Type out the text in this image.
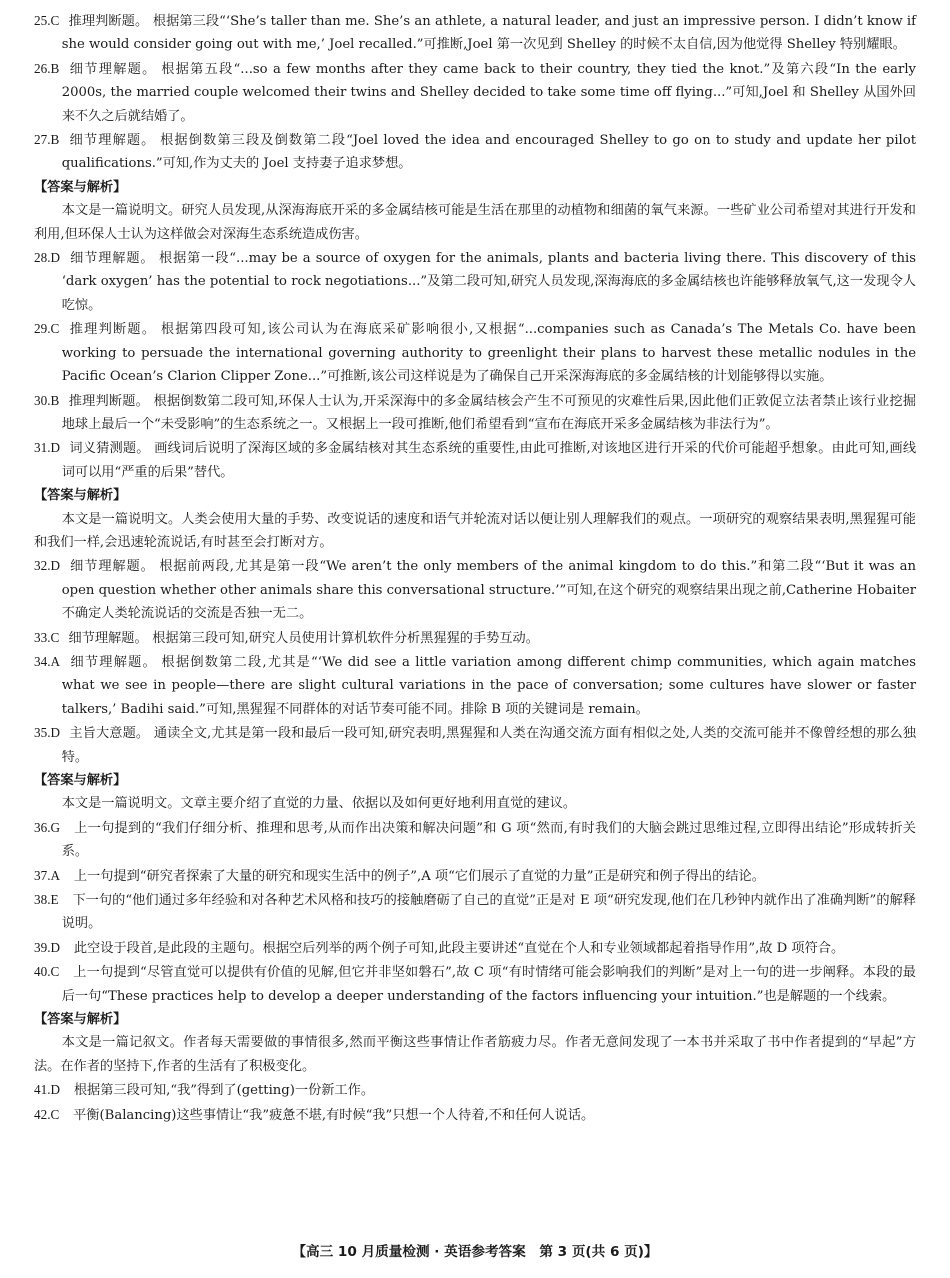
25.C 推理判断题。 根据第三段“‘She’s taller than me. She’s an athlete, a natural leader, and just an impressive person. I didn’t know if she would consider going out with me,’ Joel recalled.”可推断,Joel 第一次见到 Shelley 的时候不太自信,因为他觉得 Shelley 特别耀眼。

26.B 细节理解题。 根据第五段“...so a few months after they came back to their country, they tied the knot.”及第六段“In the early 2000s, the married couple welcomed their twins and Shelley decided to take some time off flying...”可知,Joel 和 Shelley 从国外回来不久之后就结婚了。

27.B 细节理解题。 根据倒数第三段及倒数第二段“Joel loved the idea and encouraged Shelley to go on to study and update her pilot qualifications.”可知,作为丈夫的 Joel 支持妻子追求梦想。

【答案与解析】

本文是一篇说明文。研究人员发现,从深海海底开采的多金属结核可能是生活在那里的动植物和细菌的氧气来源。一些矿业公司希望对其进行开发和利用,但环保人士认为这样做会对深海生态系统造成伤害。

28.D 细节理解题。 根据第一段“...may be a source of oxygen for the animals, plants and bacteria living there. This discovery of this ‘dark oxygen’ has the potential to rock negotiations...”及第二段可知,研究人员发现,深海海底的多金属结核也许能够释放氧气,这一发现令人吃惊。

29.C 推理判断题。 根据第四段可知,该公司认为在海底采矿影响很小,又根据“...companies such as Canada’s The Metals Co. have been working to persuade the international governing authority to greenlight their plans to harvest these metallic nodules in the Pacific Ocean’s Clarion Clipper Zone...”可推断,该公司这样说是为了确保自己开采深海海底的多金属结核的计划能够得以实施。

30.B 推理判断题。 根据倒数第二段可知,环保人士认为,开采深海中的多金属结核会产生不可预见的灾难性后果,因此他们正敦促立法者禁止该行业挖掘地球上最后一个“未受影响”的生态系统之一。又根据上一段可推断,他们希望看到“宣布在海底开采多金属结核为非法行为”。

31.D 词义猜测题。 画线词后说明了深海区域的多金属结核对其生态系统的重要性,由此可推断,对该地区进行开采的代价可能超乎想象。由此可知,画线词可以用“严重的后果”替代。

【答案与解析】

本文是一篇说明文。人类会使用大量的手势、改变说话的速度和语气并轮流对话以便让别人理解我们的观点。一项研究的观察结果表明,黑猩猩可能和我们一样,会迅速轮流说话,有时甚至会打断对方。

32.D 细节理解题。 根据前两段,尤其是第一段“We aren’t the only members of the animal kingdom to do this.”和第二段“‘But it was an open question whether other animals share this conversational structure.’”可知,在这个研究的观察结果出现之前,Catherine Hobaiter 不确定人类轮流说话的交流是否独一无二。

33.C 细节理解题。 根据第三段可知,研究人员使用计算机软件分析黑猩猩的手势互动。

34.A 细节理解题。 根据倒数第二段,尤其是“‘We did see a little variation among different chimp communities, which again matches what we see in people—there are slight cultural variations in the pace of conversation; some cultures have slower or faster talkers,’ Badihi said.”可知,黑猩猩不同群体的对话节奏可能不同。排除 B 项的关键词是 remain。

35.D 主旨大意题。 通读全文,尤其是第一段和最后一段可知,研究表明,黑猩猩和人类在沟通交流方面有相似之处,人类的交流可能并不像曾经想的那么独特。

【答案与解析】

本文是一篇说明文。文章主要介绍了直觉的力量、依据以及如何更好地利用直觉的建议。

36.G 上一句提到的“我们仔细分析、推理和思考,从而作出决策和解决问题”和 G 项“然而,有时我们的大脑会跳过思维过程,立即得出结论”形成转折关系。

37.A 上一句提到“研究者探索了大量的研究和现实生活中的例子”,A 项“它们展示了直觉的力量”正是研究和例子得出的结论。

38.E 下一句的“他们通过多年经验和对各种艺术风格和技巧的接触磨砺了自己的直觉”正是对 E 项“研究发现,他们在几秒钟内就作出了准确判断”的解释说明。

39.D 此空设于段首,是此段的主题句。根据空后列举的两个例子可知,此段主要讲述“直觉在个人和专业领域都起着指导作用”,故 D 项符合。

40.C 上一句提到“尽管直觉可以提供有价值的见解,但它并非坚如磐石”,故 C 项“有时情绪可能会影响我们的判断”是对上一句的进一步阐释。本段的最后一句“These practices help to develop a deeper understanding of the factors influencing your intuition.”也是解题的一个线索。

【答案与解析】

本文是一篇记叙文。作者每天需要做的事情很多,然而平衡这些事情让作者筋疲力尽。作者无意间发现了一本书并采取了书中作者提到的“早起”方法。在作者的坚持下,作者的生活有了积极变化。

41.D 根据第三段可知,“我”得到了(getting)一份新工作。

42.C 平衡(Balancing)这些事情让“我”疲惫不堪,有时候“我”只想一个人待着,不和任何人说话。

【高三 10 月质量检测 · 英语参考答案　第 3 页(共 6 页)】
